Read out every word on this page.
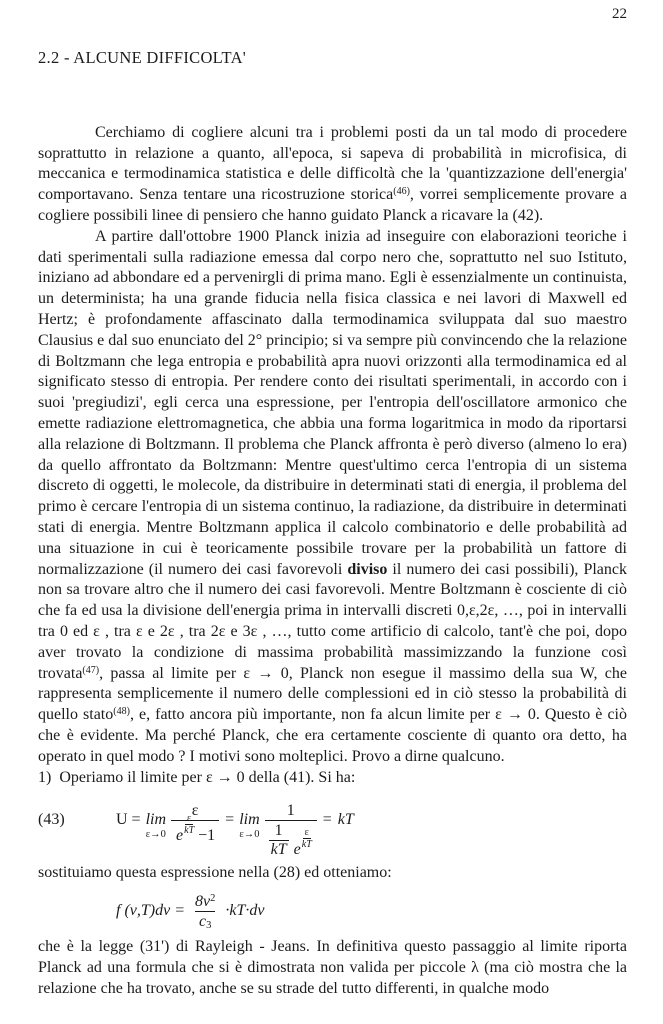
22
2.2 - ALCUNE DIFFICOLTA'

Cerchiamo di cogliere alcuni tra i problemi posti da un tal modo di procedere soprattutto in relazione a quanto, all'epoca, si sapeva di probabilità in microfisica, di meccanica e termodinamica statistica e delle difficoltà che la 'quantizzazione dell'energia' comportavano. Senza tentare una ricostruzione storica$^{(46)}$, vorrei semplicemente provare a cogliere possibili linee di pensiero che hanno guidato Planck a ricavare la (42).

A partire dall'ottobre 1900 Planck inizia ad inseguire con elaborazioni teoriche i dati sperimentali sulla radiazione emessa dal corpo nero che, soprattutto nel suo Istituto, iniziano ad abbondare ed a pervenirgli di prima mano. Egli è essenzialmente un continuista, un determinista; ha una grande fiducia nella fisica classica e nei lavori di Maxwell ed Hertz; è profondamente affascinato dalla termodinamica sviluppata dal suo maestro Clausius e dal suo enunciato del 2° principio; si va sempre più convincendo che la relazione di Boltzmann che lega entropia e probabilità apra nuovi orizzonti alla termodinamica ed al significato stesso di entropia. Per rendere conto dei risultati sperimentali, in accordo con i suoi 'pregiudizi', egli cerca una espressione, per l'entropia dell'oscillatore armonico che emette radiazione elettromagnetica, che abbia una forma logaritmica in modo da riportarsi alla relazione di Boltzmann. Il problema che Planck affronta è però diverso (almeno lo era) da quello affrontato da Boltzmann: Mentre quest'ultimo cerca l'entropia di un sistema discreto di oggetti, le molecole, da distribuire in determinati stati di energia, il problema del primo è cercare l'entropia di un sistema continuo, la radiazione, da distribuire in determinati stati di energia. Mentre Boltzmann applica il calcolo combinatorio e delle probabilità ad una situazione in cui è teoricamente possibile trovare per la probabilità un fattore di normalizzazione (il numero dei casi favorevoli diviso il numero dei casi possibili), Planck non sa trovare altro che il numero dei casi favorevoli. Mentre Boltzmann è cosciente di ciò che fa ed usa la divisione dell'energia prima in intervalli discreti 0,ε,2ε, …, poi in intervalli tra 0 ed ε , tra ε e 2ε , tra 2ε e 3ε , …, tutto come artificio di calcolo, tant'è che poi, dopo aver trovato la condizione di massima probabilità massimizzando la funzione così trovata$^{(47)}$, passa al limite per ε → 0, Planck non esegue il massimo della sua W, che rappresenta semplicemente il numero delle complessioni ed in ciò stesso la probabilità di quello stato$^{(48)}$, e, fatto ancora più importante, non fa alcun limite per ε → 0. Questo è ciò che è evidente. Ma perché Planck, che era certamente cosciente di quanto ora detto, ha operato in quel modo ? I motivi sono molteplici. Provo a dirne qualcuno.

1)  Operiamo il limite per ε → 0 della (41). Si ha:

(43)	U = lim
$\varepsilon\to 0 \frac{\varepsilon}{e \frac{\varepsilon}{kT} -1} = \lim$
ε→0
1
$\frac{1}{kT}$ e $\frac{\varepsilon}{kT}$
= kT

sostituiamo questa espressione nella (28) ed otteniamo:

f $(\nu,T)d\nu = \frac{8\nu^2}{c 3} \cdot kT\cdot d\nu$

che è la legge (31') di Rayleigh - Jeans. In definitiva questo passaggio al limite riporta Planck ad una formula che si è dimostrata non valida per piccole λ (ma ciò mostra che la relazione che ha trovato, anche se su strade del tutto differenti, in qualche modo
